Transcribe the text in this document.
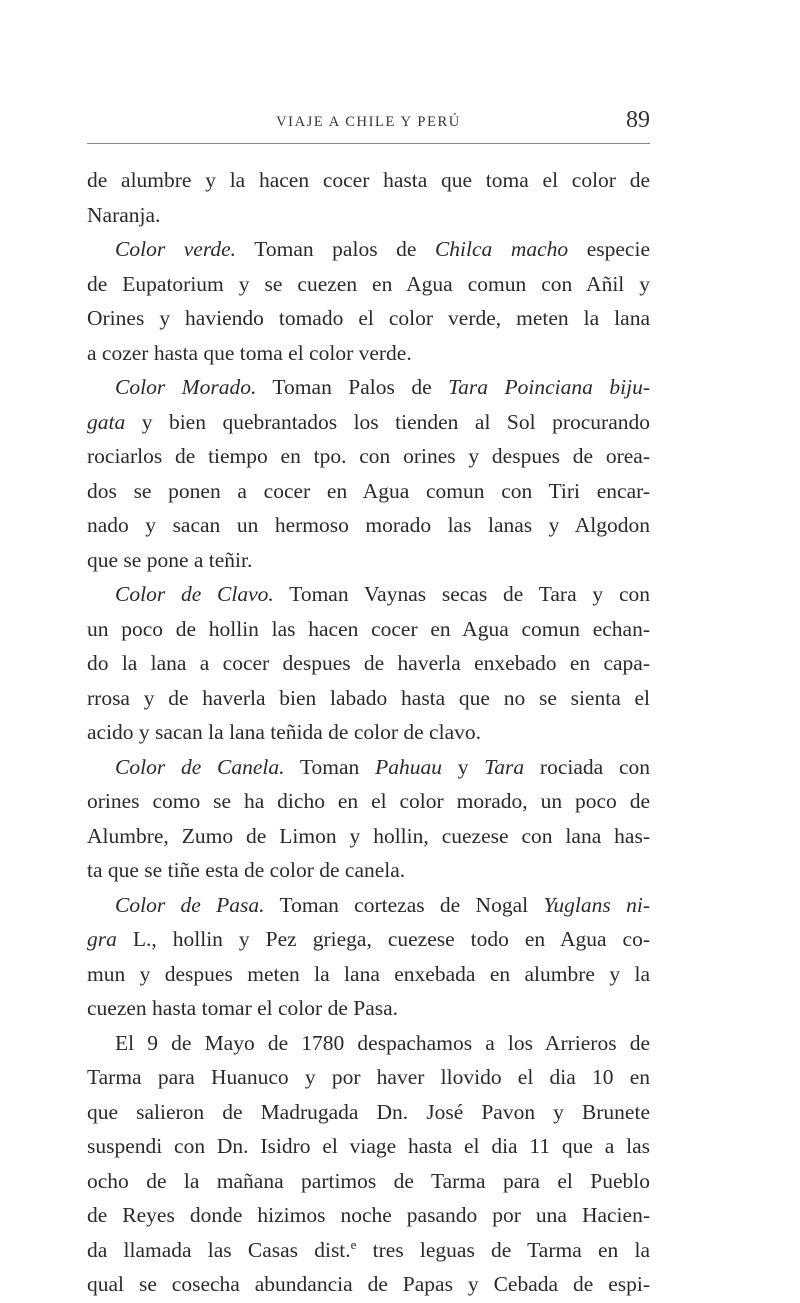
VIAJE A CHILE Y PERÚ	89
de alumbre y la hacen cocer hasta que toma el color de
Naranja.
Color verde. Toman palos de Chilca macho especie
de Eupatorium y se cuezen en Agua comun con Añil y
Orines y haviendo tomado el color verde, meten la lana
a cozer hasta que toma el color verde.
Color Morado. Toman Palos de Tara Poinciana biju-
gata y bien quebrantados los tienden al Sol procurando
rociarlos de tiempo en tpo. con orines y despues de orea-
dos se ponen a cocer en Agua comun con Tiri encar-
nado y sacan un hermoso morado las lanas y Algodon
que se pone a teñir.
Color de Clavo. Toman Vaynas secas de Tara y con
un poco de hollin las hacen cocer en Agua comun echan-
do la lana a cocer despues de haverla enxebado en capa-
rrosa y de haverla bien labado hasta que no se sienta el
acido y sacan la lana teñida de color de clavo.
Color de Canela. Toman Pahuau y Tara rociada con
orines como se ha dicho en el color morado, un poco de
Alumbre, Zumo de Limon y hollin, cuezese con lana has-
ta que se tiñe esta de color de canela.
Color de Pasa. Toman cortezas de Nogal Yuglans ni-
gra L., hollin y Pez griega, cuezese todo en Agua co-
mun y despues meten la lana enxebada en alumbre y la
cuezen hasta tomar el color de Pasa.
El 9 de Mayo de 1780 despachamos a los Arrieros de
Tarma para Huanuco y por haver llovido el dia 10 en
que salieron de Madrugada Dn. José Pavon y Brunete
suspendi con Dn. Isidro el viage hasta el dia 11 que a las
ocho de la mañana partimos de Tarma para el Pueblo
de Reyes donde hizimos noche pasando por una Hacien-
da llamada las Casas dist.$^e$ tres leguas de Tarma en la
qual se cosecha abundancia de Papas y Cebada de espi-
